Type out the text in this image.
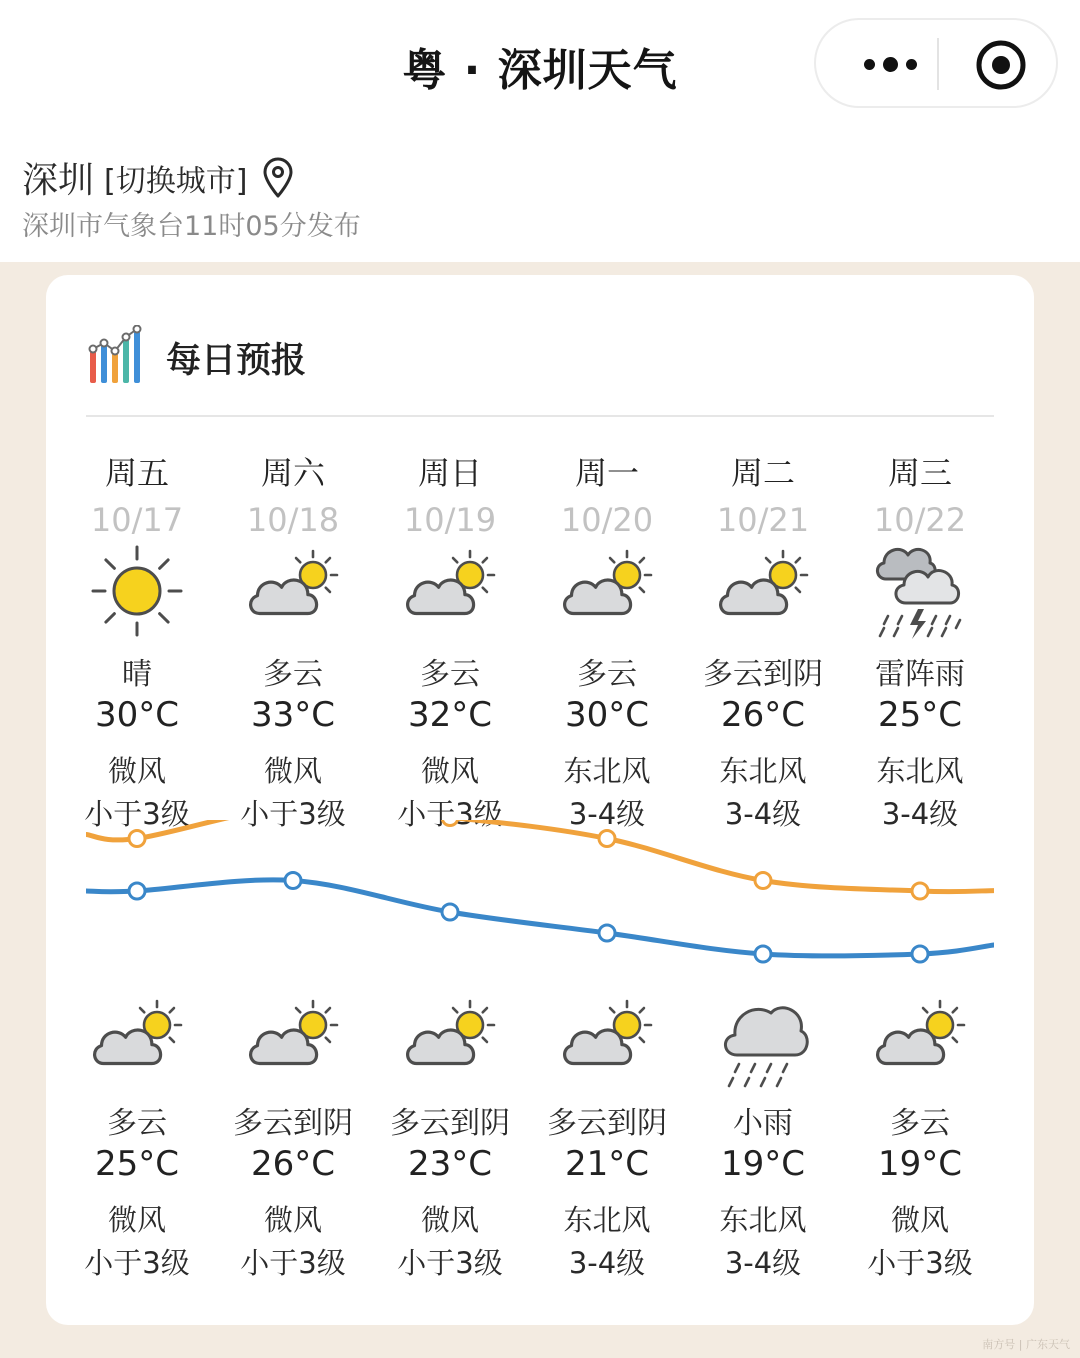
粤 · 深圳天气
深圳 [切换城市]
深圳市气象台11时05分发布
每日预报
周五
10/17
晴
30°C
微风
小于3级
多云
25°C
微风
小于3级
周六
10/18
多云
33°C
微风
小于3级
多云到阴
26°C
微风
小于3级
周日
10/19
多云
32°C
微风
小于3级
多云到阴
23°C
微风
小于3级
周一
10/20
多云
30°C
东北风
3-4级
多云到阴
21°C
东北风
3-4级
周二
10/21
多云到阴
26°C
东北风
3-4级
小雨
19°C
东北风
3-4级
周三
10/22
雷阵雨
25°C
东北风
3-4级
多云
19°C
微风
小于3级
南方号 | 广东天气
